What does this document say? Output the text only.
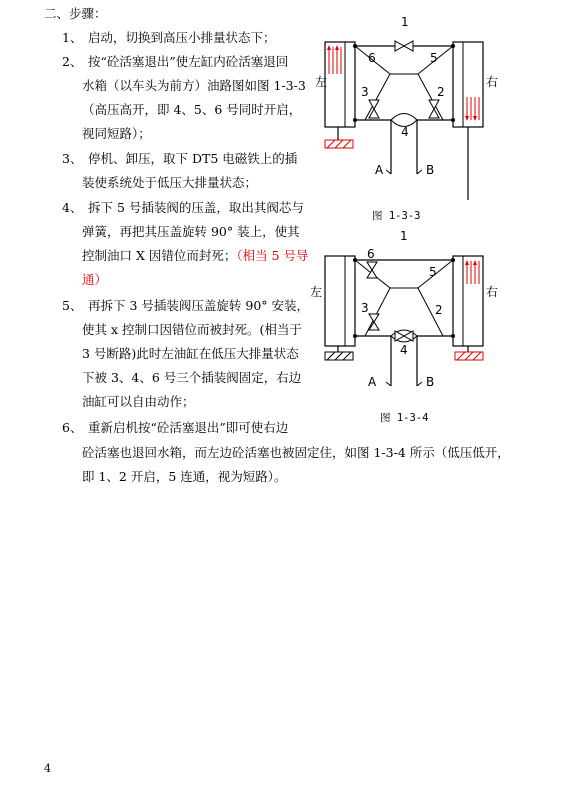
二、步骤：
1、 启动，切换到高压小排量状态下；
2、 按“砼活塞退出”使左缸内砼活塞退回
水箱（以车头为前方）油路图如图 1-3-3
（高压高开，即 4、5、6 号同时开启，
视同短路）；
3、 停机、卸压，取下 DT5 电磁铁上的插
装使系统处于低压大排量状态；
4、 拆下 5 号插装阀的压盖，取出其阀芯与
弹簧，再把其压盖旋转 90° 装上，使其
控制油口 X 因错位而封死；（相当 5 号导
通）
5、 再拆下 3 号插装阀压盖旋转 90° 安装，
使其 x 控制口因错位而被封死。(相当于
3 号断路)此时左油缸在低压大排量状态
下被 3、4、6 号三个插装阀固定，右边
油缸可以自由动作；
6、 重新启机按“砼活塞退出”即可使右边
砼活塞也退回水箱，而左边砼活塞也被固定住，如图 1-3-4 所示（低压低开，
即 1、2 开启，5 连通，视为短路）。
左	右
1
2
3
4
5
6
A	B
图 1-3-3
左	右
1
2
3
4
5
6
A	B
图 1-3-4
4
